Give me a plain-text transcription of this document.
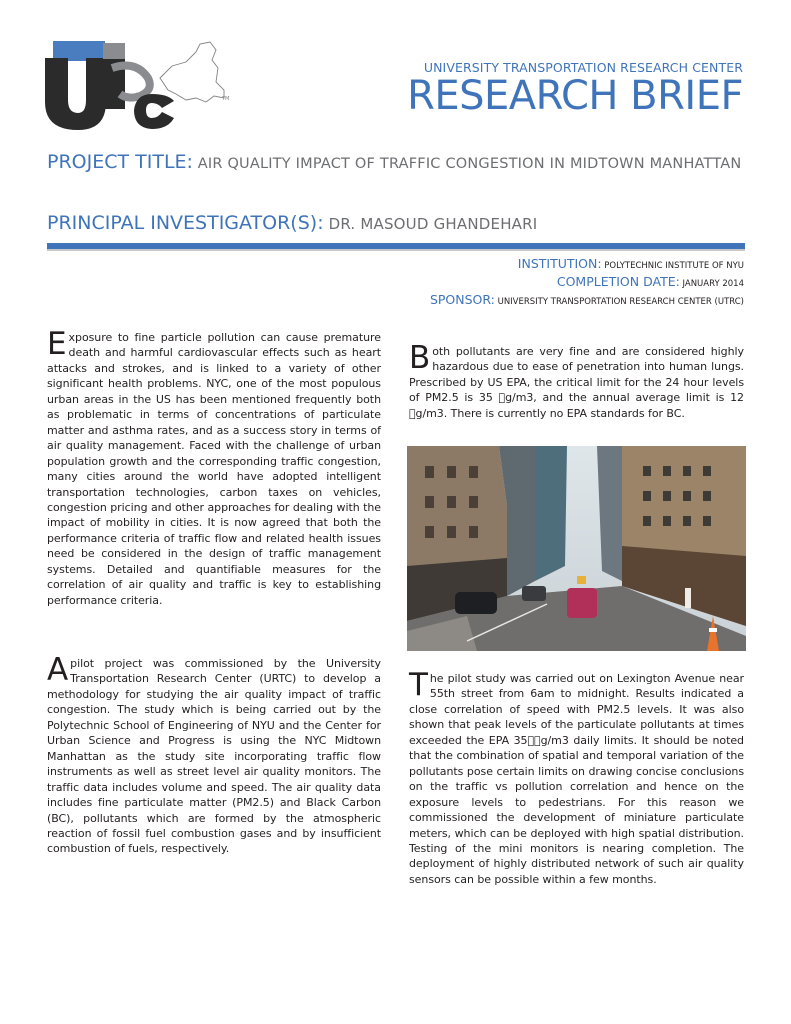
TM
UNIVERSITY TRANSPORTATION RESEARCH CENTER
RESEARCH BRIEF
PROJECT TITLE: AIR QUALITY IMPACT OF TRAFFIC CONGESTION IN MIDTOWN MANHATTAN
PRINCIPAL INVESTIGATOR(S): DR. MASOUD GHANDEHARI
INSTITUTION: POLYTECHNIC INSTITUTE OF NYU
COMPLETION DATE: JANUARY 2014
SPONSOR: UNIVERSITY TRANSPORTATION RESEARCH CENTER (UTRC)

Exposure to fine particle pollution can cause premature death and harmful cardiovascular effects such as heart attacks and strokes, and is linked to a variety of other significant health problems. NYC, one of the most populous urban areas in the US has been mentioned frequently both as problematic in terms of concentrations of particulate matter and asthma rates, and as a success story in terms of air quality management. Faced with the challenge of urban population growth and the corresponding traffic congestion, many cities around the world have adopted intelligent transportation technologies, carbon taxes on vehicles, congestion pricing and other approaches for dealing with the impact of mobility in cities. It is now agreed that both the performance criteria of traffic flow and related health issues need be considered in the design of traffic management systems. Detailed and quantifiable measures for the correlation of air quality and traffic is key to establishing performance criteria.

A pilot project was commissioned by the University Transportation Research Center (URTC) to develop a methodology for studying the air quality impact of traffic congestion. The study which is being carried out by the Polytechnic School of Engineering of NYU and the Center for Urban Science and Progress is using the NYC Midtown Manhattan as the study site incorporating traffic flow instruments as well as street level air quality monitors. The traffic data includes volume and speed. The air quality data includes fine particulate matter (PM2.5) and Black Carbon (BC), pollutants which are formed by the atmospheric reaction of fossil fuel combustion gases and by insufficient combustion of fuels, respectively.

Both pollutants are very fine and are considered highly hazardous due to ease of penetration into human lungs. Prescribed by US EPA, the critical limit for the 24 hour levels of PM2.5 is 35  g/m3, and the annual average limit is 12  g/m3. There is currently no EPA standards for BC.

The pilot study was carried out on Lexington Avenue near 55th street from 6am to midnight. Results indicated a close correlation of speed with PM2.5 levels. It was also shown that peak levels of the particulate pollutants at times exceeded the EPA 35  g/m3 daily limits. It should be noted that the combination of spatial and temporal variation of the pollutants pose certain limits on drawing concise conclusions on the traffic vs pollution correlation and hence on the exposure levels to pedestrians. For this reason we commissioned the development of miniature particulate meters, which can be deployed with high spatial distribution. Testing of the mini monitors is nearing completion. The deployment of highly distributed network of such air quality sensors can be possible within a few months.
